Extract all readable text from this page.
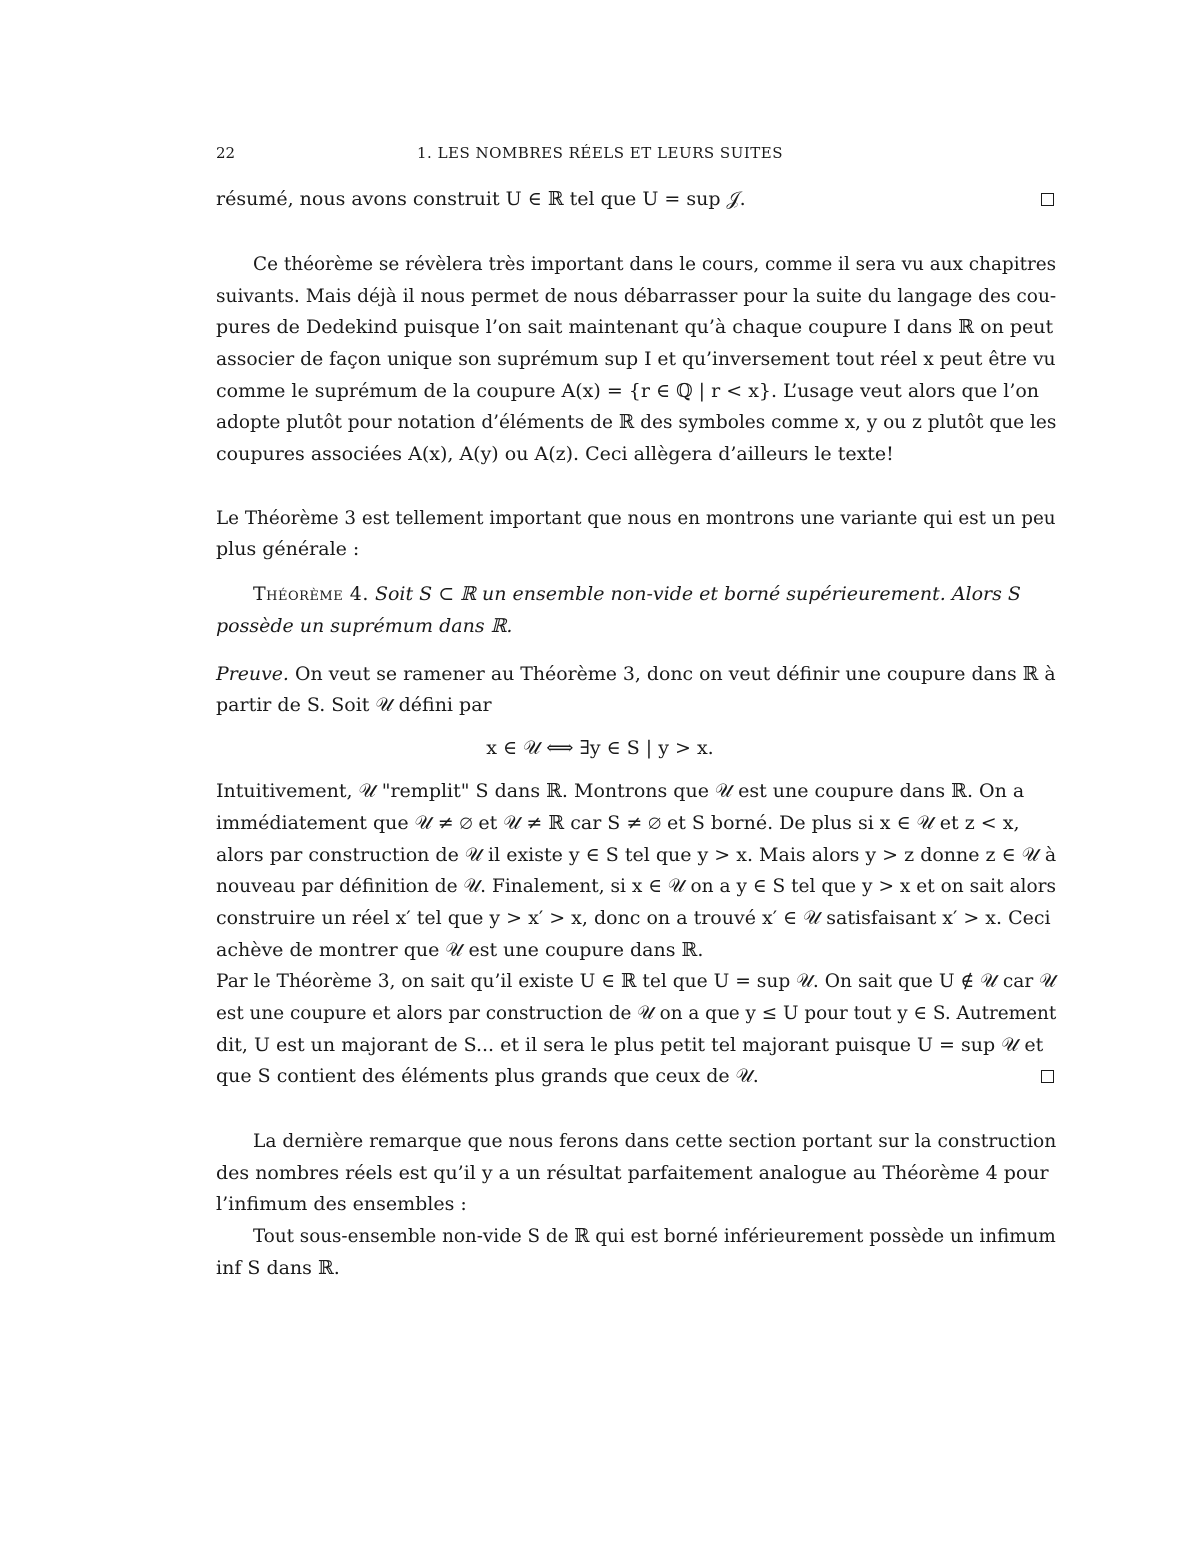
22	1. LES NOMBRES RÉELS ET LEURS SUITES
résumé, nous avons construit U ∈ ℝ tel que U = sup 𝒥.
Ce théorème se révèlera très important dans le cours, comme il sera vu aux chapitres
suivants. Mais déjà il nous permet de nous débarrasser pour la suite du langage des cou-
pures de Dedekind puisque l’on sait maintenant qu’à chaque coupure I dans ℝ on peut
associer de façon unique son suprémum sup I et qu’inversement tout réel x peut être vu
comme le suprémum de la coupure A(x) = {r ∈ ℚ | r < x}. L’usage veut alors que l’on
adopte plutôt pour notation d’éléments de ℝ des symboles comme x, y ou z plutôt que les
coupures associées A(x), A(y) ou A(z). Ceci allègera d’ailleurs le texte!
Le Théorème 3 est tellement important que nous en montrons une variante qui est un peu
plus générale :
Théorème 4. Soit S ⊂ ℝ un ensemble non-vide et borné supérieurement. Alors S
possède un suprémum dans ℝ.
Preuve. On veut se ramener au Théorème 3, donc on veut définir une coupure dans ℝ à
partir de S. Soit 𝒰 défini par
x ∈ 𝒰 ⟺ ∃y ∈ S | y > x.
Intuitivement, 𝒰 "remplit" S dans ℝ. Montrons que 𝒰 est une coupure dans ℝ. On a
immédiatement que 𝒰 ≠ ∅ et 𝒰 ≠ ℝ car S ≠ ∅ et S borné. De plus si x ∈ 𝒰 et z < x,
alors par construction de 𝒰 il existe y ∈ S tel que y > x. Mais alors y > z donne z ∈ 𝒰 à
nouveau par définition de 𝒰. Finalement, si x ∈ 𝒰 on a y ∈ S tel que y > x et on sait alors
construire un réel x′ tel que y > x′ > x, donc on a trouvé x′ ∈ 𝒰 satisfaisant x′ > x. Ceci
achève de montrer que 𝒰 est une coupure dans ℝ.
Par le Théorème 3, on sait qu’il existe U ∈ ℝ tel que U = sup 𝒰. On sait que U ∉ 𝒰 car 𝒰
est une coupure et alors par construction de 𝒰 on a que y ≤ U pour tout y ∈ S. Autrement
dit, U est un majorant de S... et il sera le plus petit tel majorant puisque U = sup 𝒰 et
que S contient des éléments plus grands que ceux de 𝒰.
La dernière remarque que nous ferons dans cette section portant sur la construction
des nombres réels est qu’il y a un résultat parfaitement analogue au Théorème 4 pour
l’infimum des ensembles :
Tout sous-ensemble non-vide S de ℝ qui est borné inférieurement possède un infimum
inf S dans ℝ.
